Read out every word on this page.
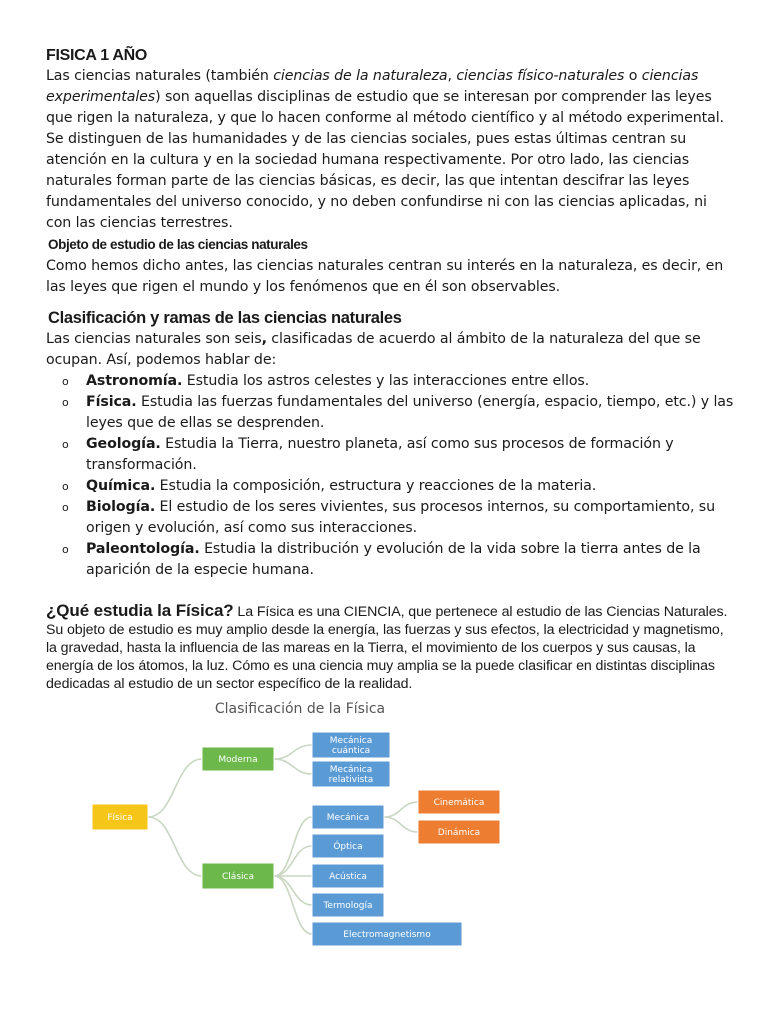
FISICA 1 AÑO

Las ciencias naturales (también ciencias de la naturaleza, ciencias físico-naturales o ciencias experimentales) son aquellas disciplinas de estudio que se interesan por comprender las leyes que rigen la naturaleza, y que lo hacen conforme al método científico y al método experimental. Se distinguen de las humanidades y de las ciencias sociales, pues estas últimas centran su atención en la cultura y en la sociedad humana respectivamente. Por otro lado, las ciencias naturales forman parte de las ciencias básicas, es decir, las que intentan descifrar las leyes fundamentales del universo conocido, y no deben confundirse ni con las ciencias aplicadas, ni con las ciencias terrestres.

Objeto de estudio de las ciencias naturales

Como hemos dicho antes, las ciencias naturales centran su interés en la naturaleza, es decir, en las leyes que rigen el mundo y los fenómenos que en él son observables.

Clasificación y ramas de las ciencias naturales

Las ciencias naturales son seis, clasificadas de acuerdo al ámbito de la naturaleza del que se ocupan. Así, podemos hablar de:

o Astronomía. Estudia los astros celestes y las interacciones entre ellos.
o Física. Estudia las fuerzas fundamentales del universo (energía, espacio, tiempo, etc.) y las leyes que de ellas se desprenden.
o Geología. Estudia la Tierra, nuestro planeta, así como sus procesos de formación y transformación.
o Química. Estudia la composición, estructura y reacciones de la materia.
o Biología. El estudio de los seres vivientes, sus procesos internos, su comportamiento, su origen y evolución, así como sus interacciones.
o Paleontología. Estudia la distribución y evolución de la vida sobre la tierra antes de la aparición de la especie humana.

¿Qué estudia la Física? La Física es una CIENCIA, que pertenece al estudio de las Ciencias Naturales. Su objeto de estudio es muy amplio desde la energía, las fuerzas y sus efectos, la electricidad y magnetismo, la gravedad, hasta la influencia de las mareas en la Tierra, el movimiento de los cuerpos y sus causas, la energía de los átomos, la luz. Cómo es una ciencia muy amplia se la puede clasificar en distintas disciplinas dedicadas al estudio de un sector específico de la realidad.

Clasificación de la Física
Física
Moderna
Clásica
Mecánica
cuántica
Mecánica
relativista
Mecánica
Óptica
Acústica
Termología
Electromagnetismo
Cinemática
Dinámica
